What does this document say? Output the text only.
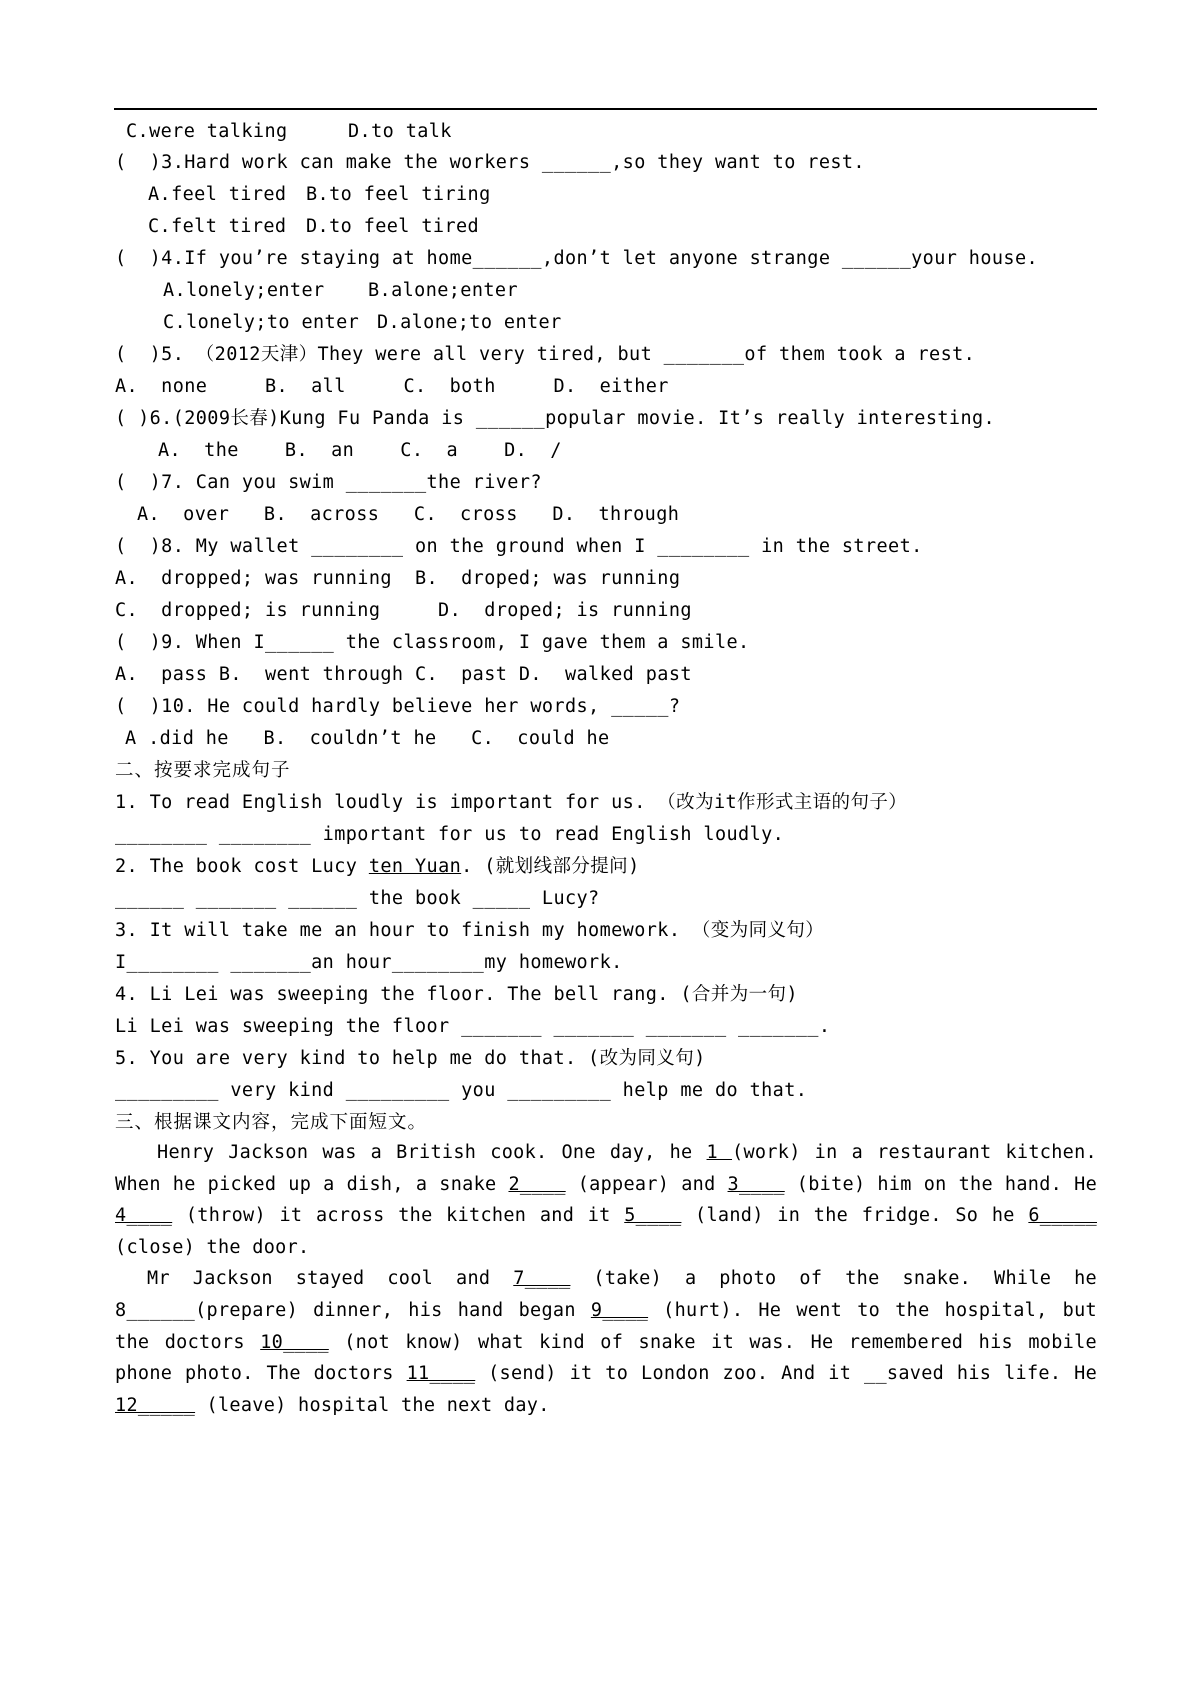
C.were talking	D.to talk
(  )3.Hard work can make the workers ______,so they want to rest.
A.feel tired B.to feel tiring
C.felt tired D.to feel tired
(  )4.If you’re staying at home______,don’t let anyone strange ______your house.
A.lonely;enter B.alone;enter
C.lonely;to enter D.alone;to enter
(  )5. （2012天津）They were all very tired, but _______of them took a rest.
A.  none     B.  all     C.  both     D.  either
( )6.(2009长春)Kung Fu Panda is ______popular movie. It’s really interesting.
A.  the    B.  an    C.  a    D.  /
(  )7. Can you swim _______the river?
A.  over   B.  across   C.  cross   D.  through
(  )8. My wallet ________ on the ground when I ________ in the street.
A.  dropped; was running  B.  droped; was running
C.  dropped; is running     D.  droped; is running
(  )9. When I______ the classroom, I gave them a smile.
A.  pass B.  went through C.  past D.  walked past
(  )10. He could hardly believe her words, _____?
A .did he   B.  couldn’t he   C.  could he
二、按要求完成句子
1. To read English loudly is important for us. （改为it作形式主语的句子）
________ ________ important for us to read English loudly.
2. The book cost Lucy ten Yuan. (就划线部分提问)
______ _______ ______ the book _____ Lucy?
3. It will take me an hour to finish my homework. （变为同义句）
I________ _______an hour________my homework.
4. Li Lei was sweeping the floor. The bell rang. (合并为一句)
Li Lei was sweeping the floor _______ _______ _______ _______.
5. You are very kind to help me do that. (改为同义句)
_________ very kind _________ you _________ help me do that.
三、根据课文内容，完成下面短文。

Henry Jackson was a British cook. One day, he 1 (work) in a restaurant kitchen. When he picked up a dish, a snake 2____ (appear) and 3____ (bite) him on the hand. He 4____ (throw) it across the kitchen and it 5____ (land) in the fridge. So he 6_____ (close) the door.

Mr Jackson stayed cool and 7____ (take) a photo of the snake. While he 8______(prepare) dinner, his hand began 9____ (hurt). He went to the hospital, but the doctors 10____ (not know) what kind of snake it was. He remembered his mobile phone photo. The doctors 11____ (send) it to London zoo. And it __saved his life. He 12_____ (leave) hospital the next day.
